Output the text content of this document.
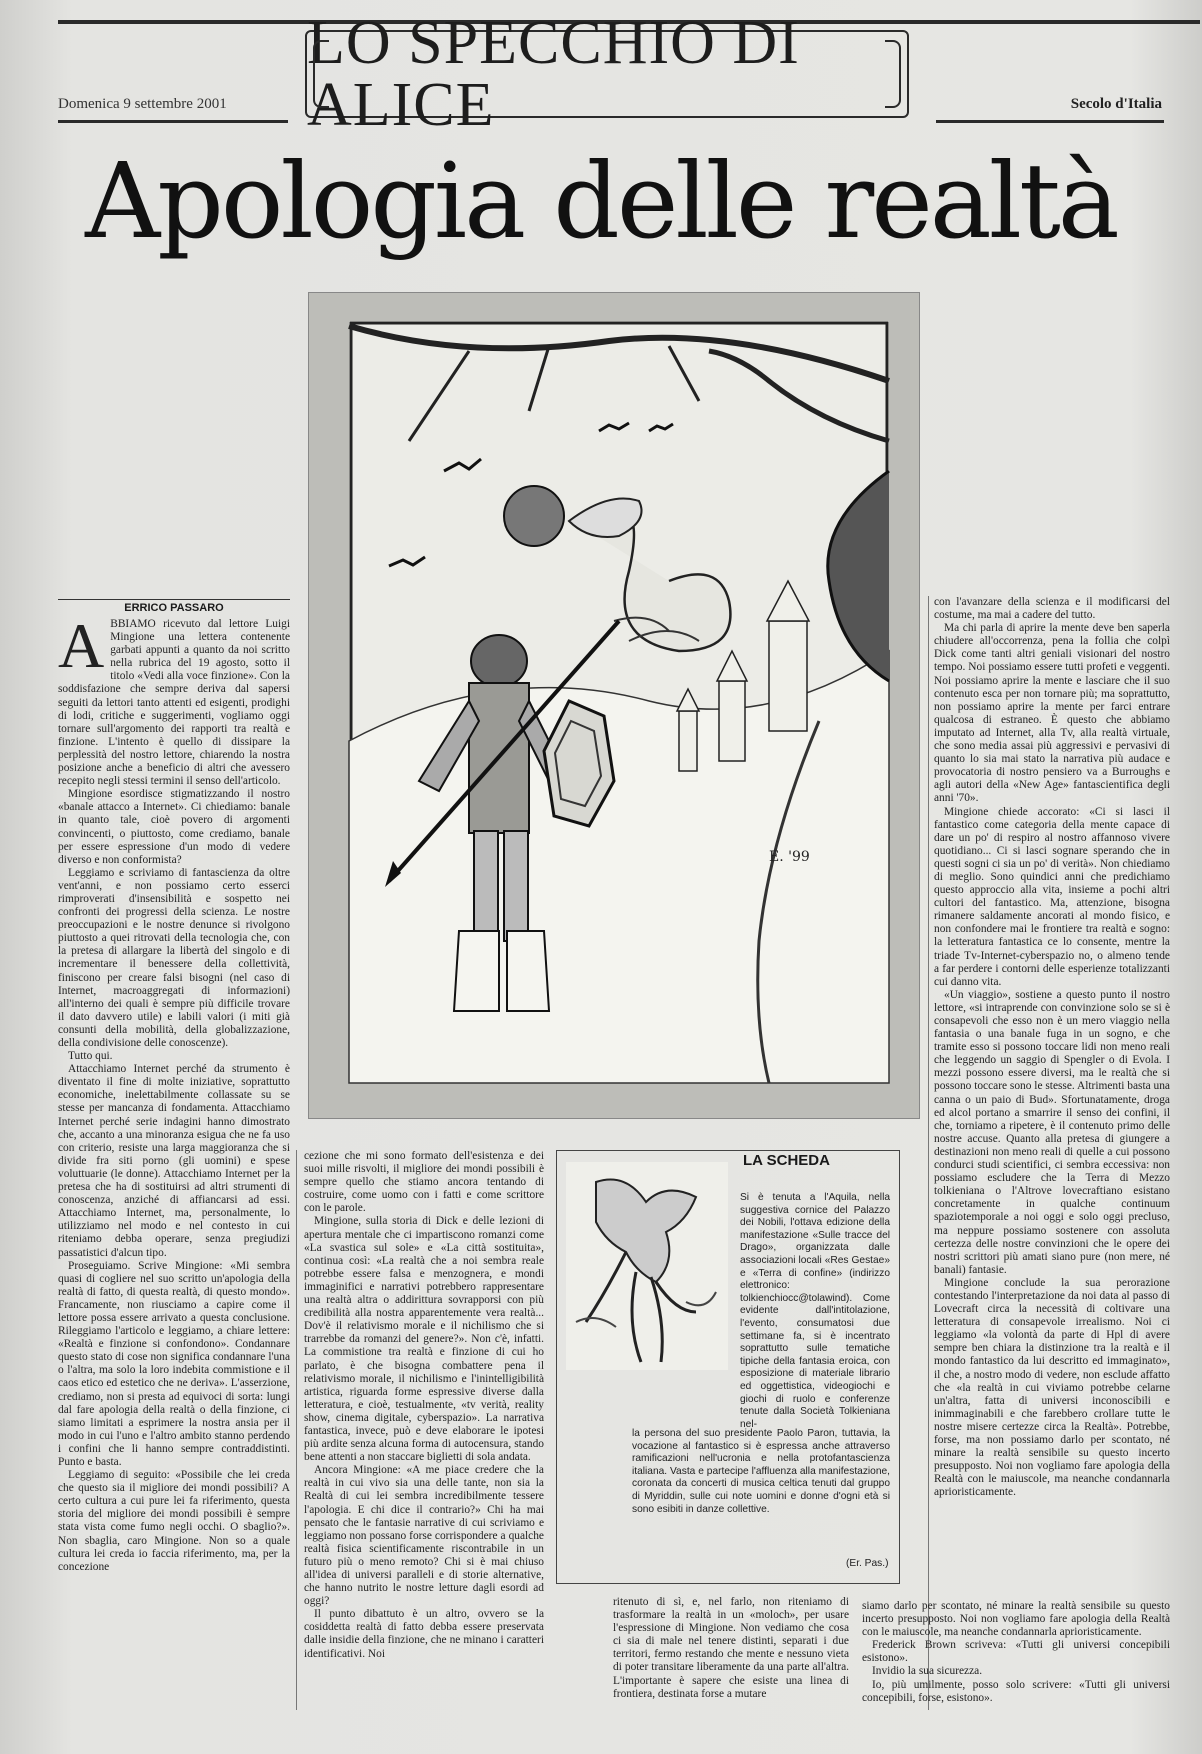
Domenica 9 settembre 2001
LO SPECCHIO DI ALICE	Secolo d'Italia
Apologia delle realtà
E. '99
ERRICO PASSARO

ABBIAMO ricevuto dal lettore Luigi Mingione una lettera contenente garbati appunti a quanto da noi scritto nella rubrica del 19 agosto, sotto il titolo «Vedi alla voce finzione». Con la soddisfazione che sempre deriva dal sapersi seguiti da lettori tanto attenti ed esigenti, prodighi di lodi, critiche e suggerimenti, vogliamo oggi tornare sull'argomento dei rapporti tra realtà e finzione. L'intento è quello di dissipare la perplessità del nostro lettore, chiarendo la nostra posizione anche a beneficio di altri che avessero recepito negli stessi termini il senso dell'articolo.

Mingione esordisce stigmatizzando il nostro «banale attacco a Internet». Ci chiediamo: banale in quanto tale, cioè povero di argomenti convincenti, o piuttosto, come crediamo, banale per essere espressione d'un modo di vedere diverso e non conformista?

Leggiamo e scriviamo di fantascienza da oltre vent'anni, e non possiamo certo esserci rimproverati d'insensibilità e sospetto nei confronti dei progressi della scienza. Le nostre preoccupazioni e le nostre denunce si rivolgono piuttosto a quei ritrovati della tecnologia che, con la pretesa di allargare la libertà del singolo e di incrementare il benessere della collettività, finiscono per creare falsi bisogni (nel caso di Internet, macroaggregati di informazioni) all'interno dei quali è sempre più difficile trovare il dato davvero utile) e labili valori (i miti già consunti della mobilità, della globalizzazione, della condivisione delle conoscenze).

Tutto qui.

Attacchiamo Internet perché da strumento è diventato il fine di molte iniziative, soprattutto economiche, inelettabilmente collassate su se stesse per mancanza di fondamenta. Attacchiamo Internet perché serie indagini hanno dimostrato che, accanto a una minoranza esigua che ne fa uso con criterio, resiste una larga maggioranza che si divide fra siti porno (gli uomini) e spese voluttuarie (le donne). Attacchiamo Internet per la pretesa che ha di sostituirsi ad altri strumenti di conoscenza, anziché di affiancarsi ad essi. Attacchiamo Internet, ma, personalmente, lo utilizziamo nel modo e nel contesto in cui riteniamo debba operare, senza pregiudizi passatistici d'alcun tipo.

Proseguiamo. Scrive Mingione: «Mi sembra quasi di cogliere nel suo scritto un'apologia della realtà di fatto, di questa realtà, di questo mondo». Francamente, non riusciamo a capire come il lettore possa essere arrivato a questa conclusione. Rileggiamo l'articolo e leggiamo, a chiare lettere: «Realtà e finzione si confondono». Condannare questo stato di cose non significa condannare l'una o l'altra, ma solo la loro indebita commistione e il caos etico ed estetico che ne deriva». L'asserzione, crediamo, non si presta ad equivoci di sorta: lungi dal fare apologia della realtà o della finzione, ci siamo limitati a esprimere la nostra ansia per il modo in cui l'uno e l'altro ambito stanno perdendo i confini che li hanno sempre contraddistinti. Punto e basta.

Leggiamo di seguito: «Possibile che lei creda che questo sia il migliore dei mondi possibili? A certo cultura a cui pure lei fa riferimento, questa storia del migliore dei mondi possibili è sempre stata vista come fumo negli occhi. O sbaglio?». Non sbaglia, caro Mingione. Non so a quale cultura lei creda io faccia riferimento, ma, per la concezione

cezione che mi sono formato dell'esistenza e dei suoi mille risvolti, il migliore dei mondi possibili è sempre quello che stiamo ancora tentando di costruire, come uomo con i fatti e come scrittore con le parole.

Mingione, sulla storia di Dick e delle lezioni di apertura mentale che ci impartiscono romanzi come «La svastica sul sole» e «La città sostituita», continua così: «La realtà che a noi sembra reale potrebbe essere falsa e menzognera, e mondi immaginifici e narrativi potrebbero rappresentare una realtà altra o addirittura sovrapporsi con più credibilità alla nostra apparentemente vera realtà... Dov'è il relativismo morale e il nichilismo che si trarrebbe da romanzi del genere?». Non c'è, infatti. La commistione tra realtà e finzione di cui ho parlato, è che bisogna combattere pena il relativismo morale, il nichilismo e l'inintelligibilità artistica, riguarda forme espressive diverse dalla letteratura, e cioè, testualmente, «tv verità, reality show, cinema digitale, cyberspazio». La narrativa fantastica, invece, può e deve elaborare le ipotesi più ardite senza alcuna forma di autocensura, stando bene attenti a non staccare biglietti di sola andata.

Ancora Mingione: «A me piace credere che la realtà in cui vivo sia una delle tante, non sia la Realtà di cui lei sembra incredibilmente tessere l'apologia. E chi dice il contrario?» Chi ha mai pensato che le fantasie narrative di cui scriviamo e leggiamo non possano forse corrispondere a qualche realtà fisica scientificamente riscontrabile in un futuro più o meno remoto? Chi si è mai chiuso all'idea di universi paralleli e di storie alternative, che hanno nutrito le nostre letture dagli esordi ad oggi?

Il punto dibattuto è un altro, ovvero se la cosiddetta realtà di fatto debba essere preservata dalle insidie della finzione, che ne minano i caratteri identificativi. Noi

LA SCHEDA
Si è tenuta a l'Aquila, nella suggestiva cornice del Palazzo dei Nobili, l'ottava edizione della manifestazione «Sulle tracce del Drago», organizzata dalle associazioni locali «Res Gestae» e «Terra di confine» (indirizzo elettronico: tolkienchiocc@tolawind). Come evidente dall'intitolazione, l'evento, consumatosi due settimane fa, si è incentrato soprattutto sulle tematiche tipiche della fantasia eroica, con esposizione di materiale librario ed oggettistica, videogiochi e giochi di ruolo e conferenze tenute dalla Società Tolkieniana nel-
la persona del suo presidente Paolo Paron, tuttavia, la vocazione al fantastico si è espressa anche attraverso ramificazioni nell'ucronia e nella protofantascienza italiana. Vasta e partecipe l'affluenza alla manifestazione, coronata da concerti di musica celtica tenuti dal gruppo di Myriddin, sulle cui note uomini e donne d'ogni età si sono esibiti in danze collettive.
(Er. Pas.)

ritenuto di sì, e, nel farlo, non riteniamo di trasformare la realtà in un «moloch», per usare l'espressione di Mingione. Non vediamo che cosa ci sia di male nel tenere distinti, separati i due territori, fermo restando che mente e nessuno vieta di poter transitare liberamente da una parte all'altra. L'importante è sapere che esiste una linea di frontiera, destinata forse a mutare

con l'avanzare della scienza e il modificarsi del costume, ma mai a cadere del tutto.

Ma chi parla di aprire la mente deve ben saperla chiudere all'occorrenza, pena la follia che colpì Dick come tanti altri geniali visionari del nostro tempo. Noi possiamo essere tutti profeti e veggenti. Noi possiamo aprire la mente e lasciare che il suo contenuto esca per non tornare più; ma soprattutto, non possiamo aprire la mente per farci entrare qualcosa di estraneo. È questo che abbiamo imputato ad Internet, alla Tv, alla realtà virtuale, che sono media assai più aggressivi e pervasivi di quanto lo sia mai stato la narrativa più audace e provocatoria di nostro pensiero va a Burroughs e agli autori della «New Age» fantascientifica degli anni '70».

Mingione chiede accorato: «Ci si lasci il fantastico come categoria della mente capace di dare un po' di respiro al nostro affannoso vivere quotidiano... Ci si lasci sognare sperando che in questi sogni ci sia un po' di verità». Non chiediamo di meglio. Sono quindici anni che predichiamo questo approccio alla vita, insieme a pochi altri cultori del fantastico. Ma, attenzione, bisogna rimanere saldamente ancorati al mondo fisico, e non confondere mai le frontiere tra realtà e sogno: la letteratura fantastica ce lo consente, mentre la triade Tv-Internet-cyberspazio no, o almeno tende a far perdere i contorni delle esperienze totalizzanti cui danno vita.

«Un viaggio», sostiene a questo punto il nostro lettore, «si intraprende con convinzione solo se si è consapevoli che esso non è un mero viaggio nella fantasia o una banale fuga in un sogno, e che tramite esso si possono toccare lidi non meno reali che leggendo un saggio di Spengler o di Evola. I mezzi possono essere diversi, ma le realtà che si possono toccare sono le stesse. Altrimenti basta una canna o un paio di Bud». Sfortunatamente, droga ed alcol portano a smarrire il senso dei confini, il che, torniamo a ripetere, è il contenuto primo delle nostre accuse. Quanto alla pretesa di giungere a destinazioni non meno reali di quelle a cui possono condurci studi scientifici, ci sembra eccessiva: non possiamo escludere che la Terra di Mezzo tolkieniana o l'Altrove lovecraftiano esistano concretamente in qualche continuum spaziotemporale a noi oggi e solo oggi precluso, ma neppure possiamo sostenere con assoluta certezza delle nostre convinzioni che le opere dei nostri scrittori più amati siano pure (non mere, né banali) fantasie.

Mingione conclude la sua perorazione contestando l'interpretazione da noi data al passo di Lovecraft circa la necessità di coltivare una letteratura di consapevole irrealismo. Noi ci leggiamo «la volontà da parte di Hpl di avere sempre ben chiara la distinzione tra la realtà e il mondo fantastico da lui descritto ed immaginato», il che, a nostro modo di vedere, non esclude affatto che «la realtà in cui viviamo potrebbe celarne un'altra, fatta di universi inconoscibili e inimmaginabili e che farebbero crollare tutte le nostre misere certezze circa la Realtà». Potrebbe, forse, ma non possiamo darlo per scontato, né minare la realtà sensibile su questo incerto presupposto. Noi non vogliamo fare apologia della Realtà con le maiuscole, ma neanche condannarla aprioristicamente.

siamo darlo per scontato, né minare la realtà sensibile su questo incerto presupposto. Noi non vogliamo fare apologia della Realtà con le maiuscole, ma neanche condannarla aprioristicamente.

Frederick Brown scriveva: «Tutti gli universi concepibili esistono».

Invidio la sua sicurezza.

Io, più umilmente, posso solo scrivere: «Tutti gli universi concepibili, forse, esistono».
